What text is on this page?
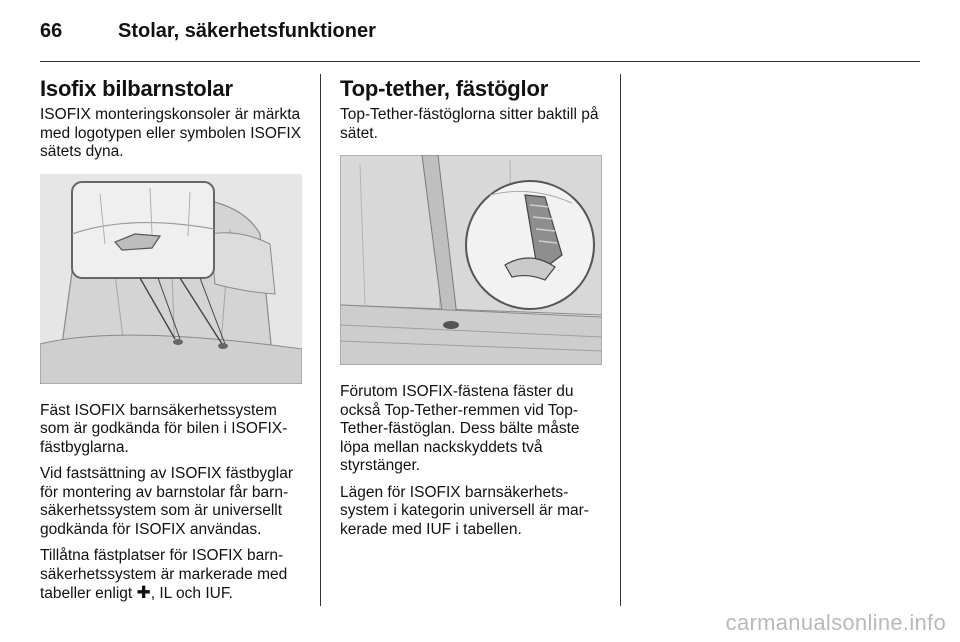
66	Stolar, säkerhetsfunktioner
Isofix bilbarnstolar

ISOFIX monteringskonsoler är märkta med logotypen eller symbolen ISOFIX sätets dyna.

Fäst ISOFIX barnsäkerhetssystem som är godkända för bilen i ISOFIX-fästbyglarna.

Vid fastsättning av ISOFIX fästbyglar för montering av barnstolar får barn-säkerhetssystem som är universellt godkända för ISOFIX användas.

Tillåtna fästplatser för ISOFIX barn-säkerhetssystem är markerade med tabeller enligt ✚, IL och IUF.

Top-tether, fästöglor

Top-Tether-fästöglorna sitter baktill på sätet.

Förutom ISOFIX-fästena fäster du också Top-Tether-remmen vid Top-Tether-fästöglan. Dess bälte måste löpa mellan nackskyddets två styrstänger.

Lägen för ISOFIX barnsäkerhets-system i kategorin universell är mar-kerade med IUF i tabellen.

carmanualsonline.info
